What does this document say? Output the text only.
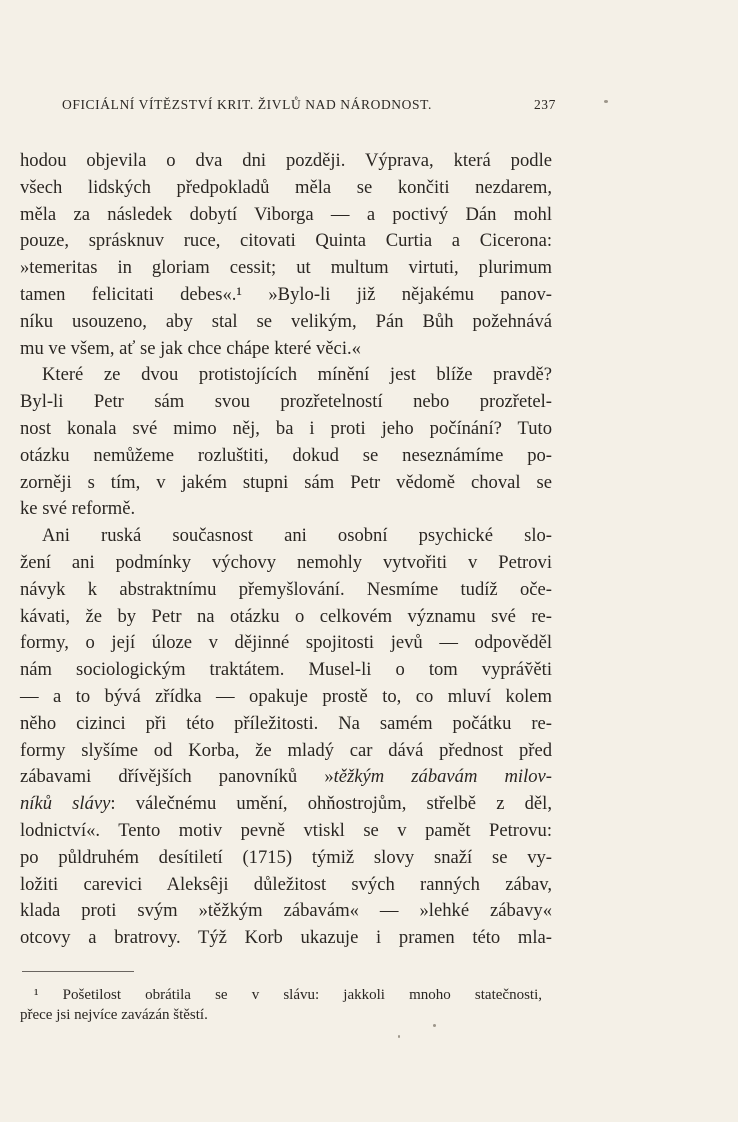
OFICIÁLNÍ VÍTĚZSTVÍ KRIT. ŽIVLŮ NAD NÁRODNOST.	237
hodou objevila o dva dni později. Výprava, která podle
všech lidských předpokladů měla se končiti nezdarem,
měla za následek dobytí Viborga — a poctivý Dán mohl
pouze, sprásknuv ruce, citovati Quinta Curtia a Cicerona:
»temeritas in gloriam cessit; ut multum virtuti, plurimum
tamen felicitati debes«.¹ »Bylo-li již nějakému panov-
níku usouzeno, aby stal se velikým, Pán Bůh požehnává
mu ve všem, ať se jak chce chápe které věci.«
Které ze dvou protistojících mínění jest blíže pravdě?
Byl-li Petr sám svou prozřetelností nebo prozřetel-
nost konala své mimo něj, ba i proti jeho počínání? Tuto
otázku nemůžeme rozluštiti, dokud se neseznámíme po-
zorněji s tím, v jakém stupni sám Petr vědomě choval se
ke své reformě.
Ani ruská současnost ani osobní psychické slo-
žení ani podmínky výchovy nemohly vytvořiti v Petrovi
návyk k abstraktnímu přemyšlování. Nesmíme tudíž oče-
kávati, že by Petr na otázku o celkovém významu své re-
formy, o její úloze v dějinné spojitosti jevů — odpověděl
nám sociologickým traktátem. Musel-li o tom vypráv̆ěti
— a to bývá zřídka — opakuje prostě to, co mluví kolem
něho cizinci při této příležitosti. Na samém počátku re-
formy slyšíme od Korba, že mladý car dává přednost před
zábavami dřívějších panovníků »těžkým zábavám milov-
níků slávy: válečnému umění, ohňostrojům, střelbě z děl,
lodnictví«. Tento motiv pevně vtiskl se v pamět Petrovu:
po půldruhém desítiletí (1715) týmiž slovy snaží se vy-
ložiti carevici Aleksêji důležitost svých ranných zábav,
klada proti svým »těžkým zábavám« — »lehké zábavy«
otcovy a bratrovy. Týž Korb ukazuje i pramen této mla-
¹ Pošetilost obrátila se v slávu: jakkoli mnoho statečnosti,
přece jsi nejvíce zavázán štěstí.
